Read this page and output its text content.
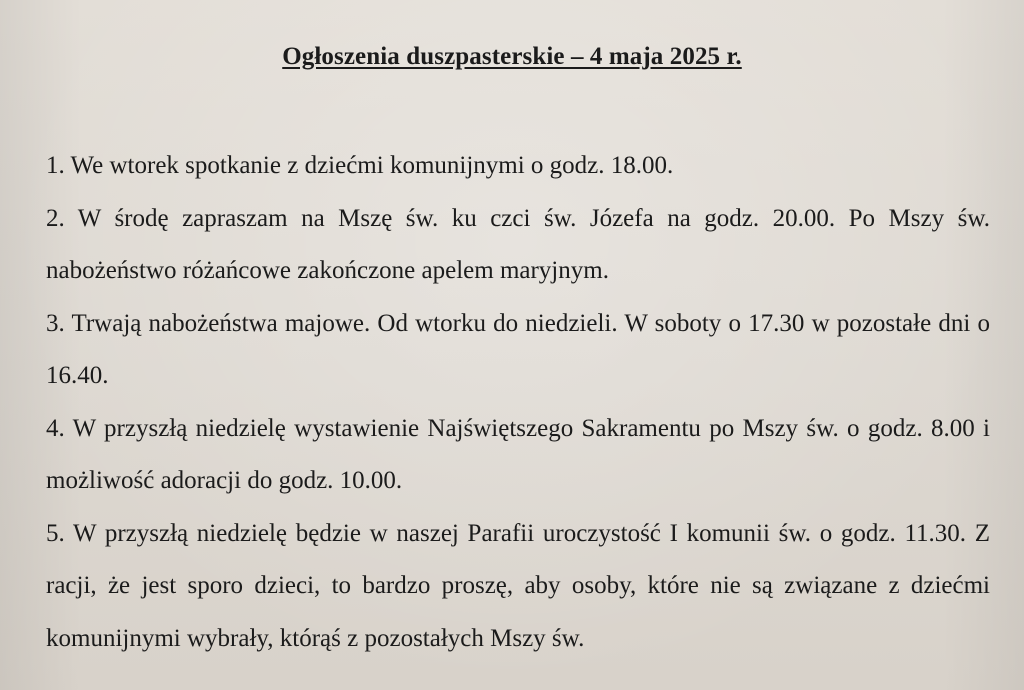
Ogłoszenia duszpasterskie – 4 maja 2025 r.

1. We wtorek spotkanie z dziećmi komunijnymi o godz. 18.00.

2. W środę zapraszam na Mszę św. ku czci św. Józefa na godz. 20.00. Po Mszy św. nabożeństwo różańcowe zakończone apelem maryjnym.

3. Trwają nabożeństwa majowe. Od wtorku do niedzieli. W soboty o 17.30 w pozostałe dni o 16.40.

4. W przyszłą niedzielę wystawienie Najświętszego Sakramentu po Mszy św. o godz. 8.00 i możliwość adoracji do godz. 10.00.

5. W przyszłą niedzielę będzie w naszej Parafii uroczystość I komunii św. o godz. 11.30. Z racji, że jest sporo dzieci, to bardzo proszę, aby osoby, które nie są związane z dziećmi komunijnymi wybrały, którąś z pozostałych Mszy św.
